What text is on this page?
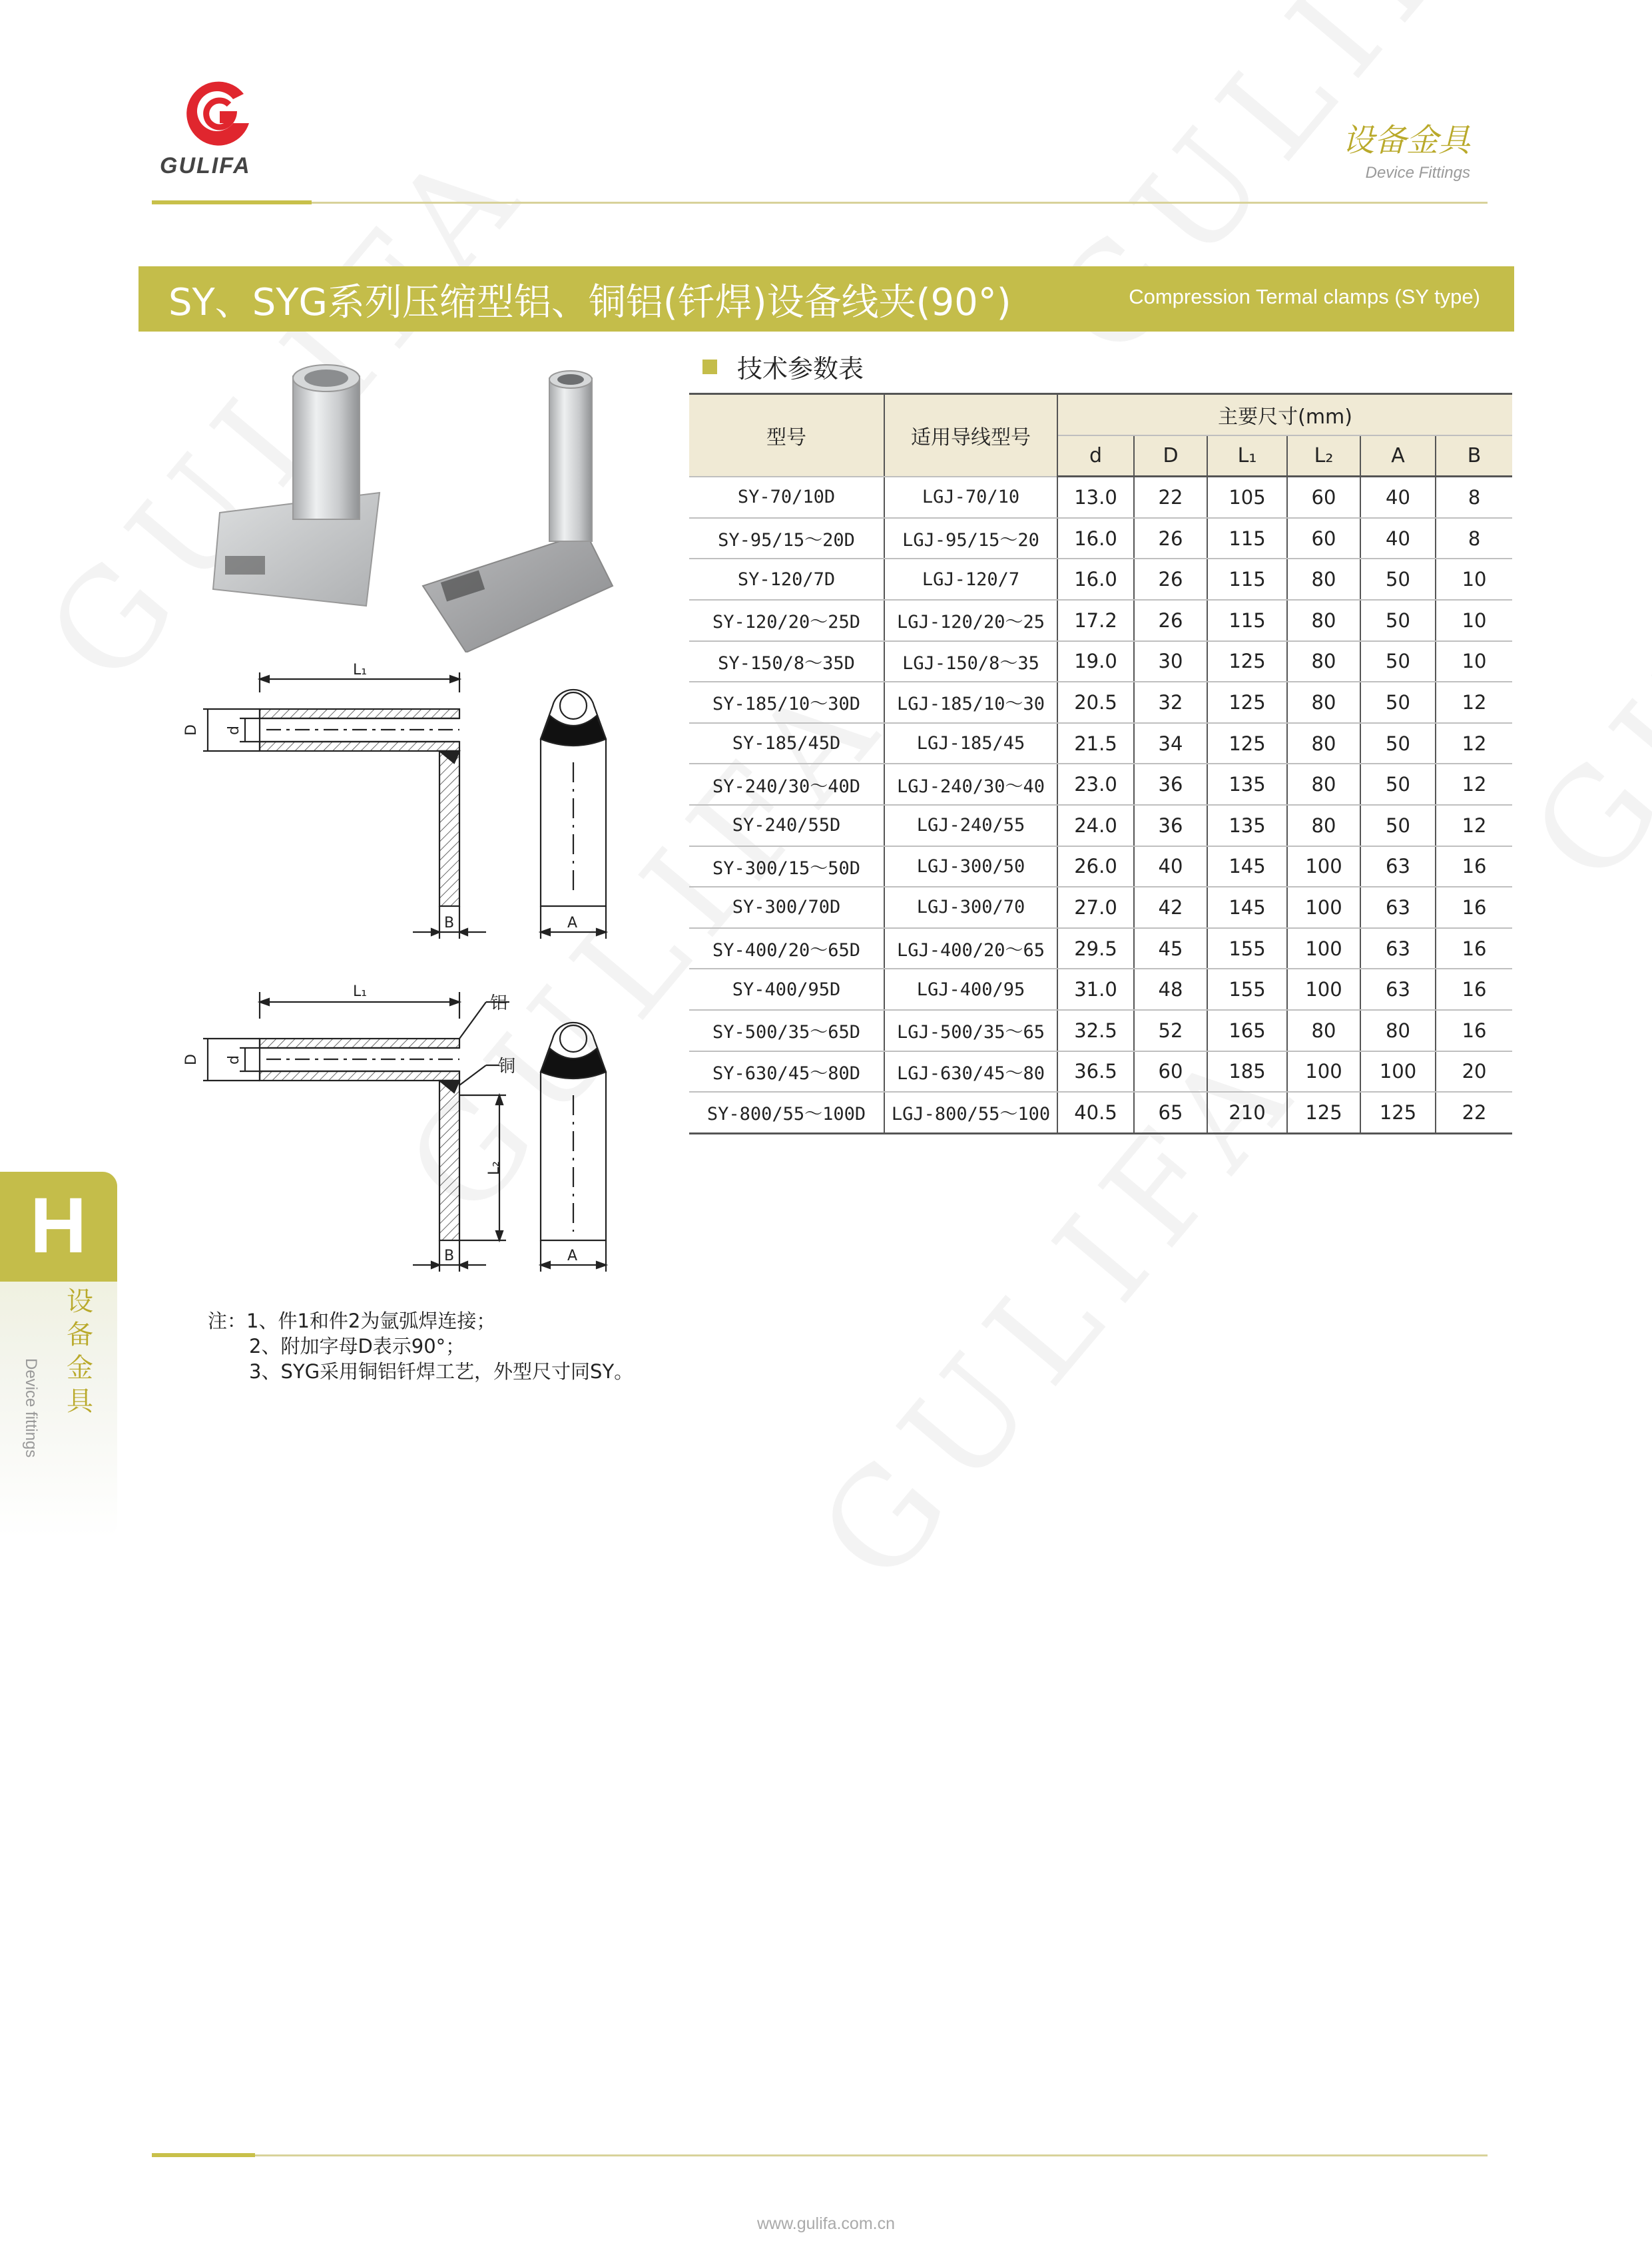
GULIFA
设备金具
Device Fittings
SY、SYG系列压缩型铝、铜铝(钎焊)设备线夹(90°)	Compression Termal clamps (SY type)
技术参数表
L₁
D d
B	A
L₁
D d
L₂
B	A
铝
铜
型号	适用导线型号	主要尺寸(mm)					
		d	D	L₁	L₂	A	B
SY-70/10D	LGJ-70/10	13.0	22	105	60	40	8
SY-95/15～20D	LGJ-95/15～20	16.0	26	115	60	40	8
SY-120/7D	LGJ-120/7	16.0	26	115	80	50	10
SY-120/20～25D	LGJ-120/20～25	17.2	26	115	80	50	10
SY-150/8～35D	LGJ-150/8～35	19.0	30	125	80	50	10
SY-185/10～30D	LGJ-185/10～30	20.5	32	125	80	50	12
SY-185/45D	LGJ-185/45	21.5	34	125	80	50	12
SY-240/30～40D	LGJ-240/30～40	23.0	36	135	80	50	12
SY-240/55D	LGJ-240/55	24.0	36	135	80	50	12
SY-300/15～50D	LGJ-300/50	26.0	40	145	100	63	16
SY-300/70D	LGJ-300/70	27.0	42	145	100	63	16
SY-400/20～65D	LGJ-400/20～65	29.5	45	155	100	63	16
SY-400/95D	LGJ-400/95	31.0	48	155	100	63	16
SY-500/35～65D	LGJ-500/35～65	32.5	52	165	80	80	16
SY-630/45～80D	LGJ-630/45～80	36.5	60	185	100	100	20
SY-800/55～100D	LGJ-800/55～100	40.5	65	210	125	125	22
H
设备金具
Device fittings
注：1、件1和件2为氩弧焊连接；
2、附加字母D表示90°；
3、SYG采用铜铝钎焊工艺，外型尺寸同SY。
www.gulifa.com.cn
